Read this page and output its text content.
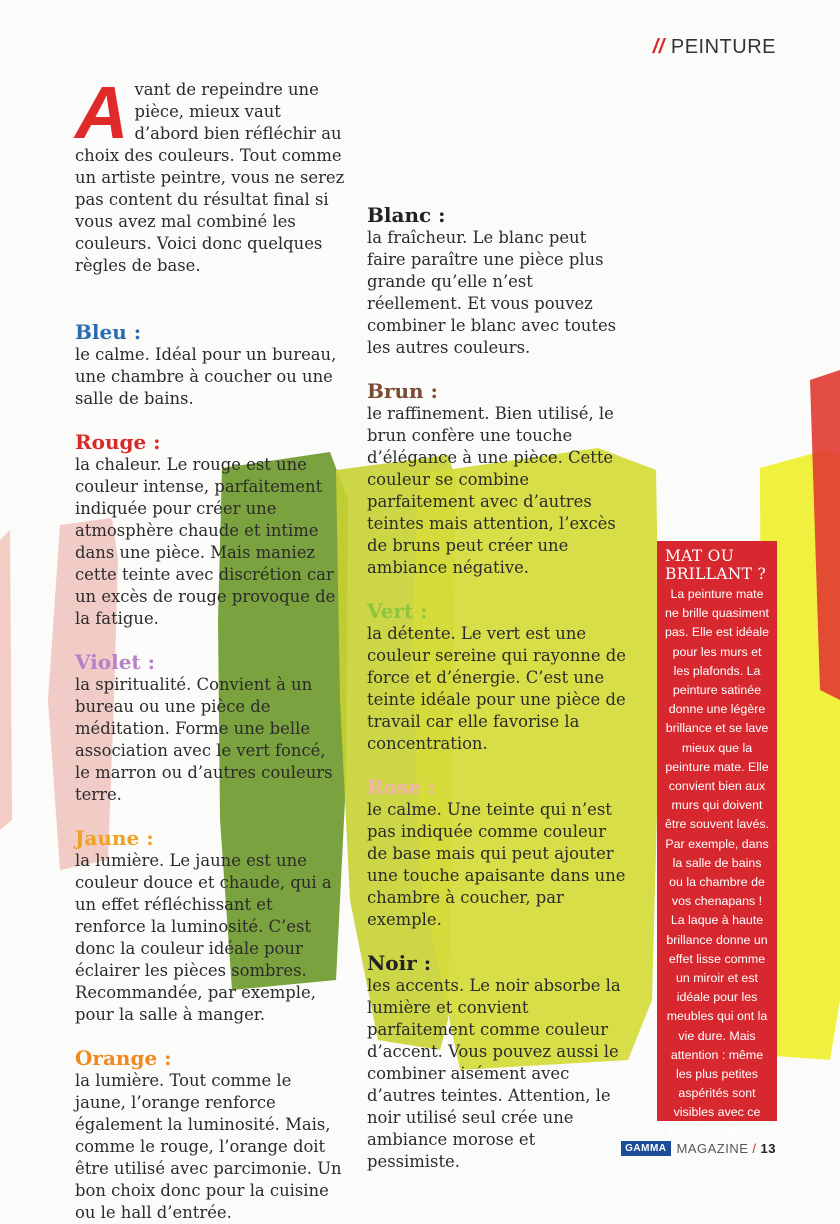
// PEINTURE
A vant de repeindre une pièce, mieux vaut d’abord bien réfléchir au choix des couleurs. Tout comme un artiste peintre, vous ne serez pas content du résultat final si vous avez mal combiné les couleurs. Voici donc quelques règles de base.

Bleu :

le calme. Idéal pour un bureau, une chambre à coucher ou une salle de bains.

Rouge :

la chaleur. Le rouge est une couleur intense, parfaitement indiquée pour créer une atmosphère chaude et intime dans une pièce. Mais maniez cette teinte avec discrétion car un excès de rouge provoque de la fatigue.

Violet :

la spiritualité. Convient à un bureau ou une pièce de méditation. Forme une belle association avec le vert foncé, le marron ou d’autres couleurs terre.

Jaune :

la lumière. Le jaune est une couleur douce et chaude, qui a un effet réfléchissant et renforce la luminosité. C’est donc la couleur idéale pour éclairer les pièces sombres. Recommandée, par exemple, pour la salle à manger.

Orange :

la lumière. Tout comme le jaune, l’orange renforce également la luminosité. Mais, comme le rouge, l’orange doit être utilisé avec parcimonie. Un bon choix donc pour la cuisine ou le hall d’entrée.

Blanc :

la fraîcheur. Le blanc peut faire paraître une pièce plus grande qu’elle n’est réellement. Et vous pouvez combiner le blanc avec toutes les autres couleurs.

Brun :

le raffinement. Bien utilisé, le brun confère une touche d’élégance à une pièce. Cette couleur se combine parfaitement avec d’autres teintes mais attention, l’excès de bruns peut créer une ambiance négative.

Vert :

la détente. Le vert est une couleur sereine qui rayonne de force et d’énergie. C’est une teinte idéale pour une pièce de travail car elle favorise la concentration.

Rose :

le calme. Une teinte qui n’est pas indiquée comme couleur de base mais qui peut ajouter une touche apaisante dans une chambre à coucher, par exemple.

Noir :

les accents. Le noir absorbe la lumière et convient parfaitement comme couleur d’accent. Vous pouvez aussi le combiner aisément avec d’autres teintes. Attention, le noir utilisé seul crée une ambiance morose et pessimiste.

MAT OU BRILLANT ?

La peinture mate ne brille quasiment pas. Elle est idéale pour les murs et les plafonds. La peinture satinée donne une légère brillance et se lave mieux que la peinture mate. Elle convient bien aux murs qui doivent être souvent lavés. Par exemple, dans la salle de bains ou la chambre de vos chenapans ! La laque à haute brillance donne un effet lisse comme un miroir et est idéale pour les meubles qui ont la vie dure. Mais attention : même les plus petites aspérités sont visibles avec ce type de peinture !

GAMMA MAGAZINE / 13
